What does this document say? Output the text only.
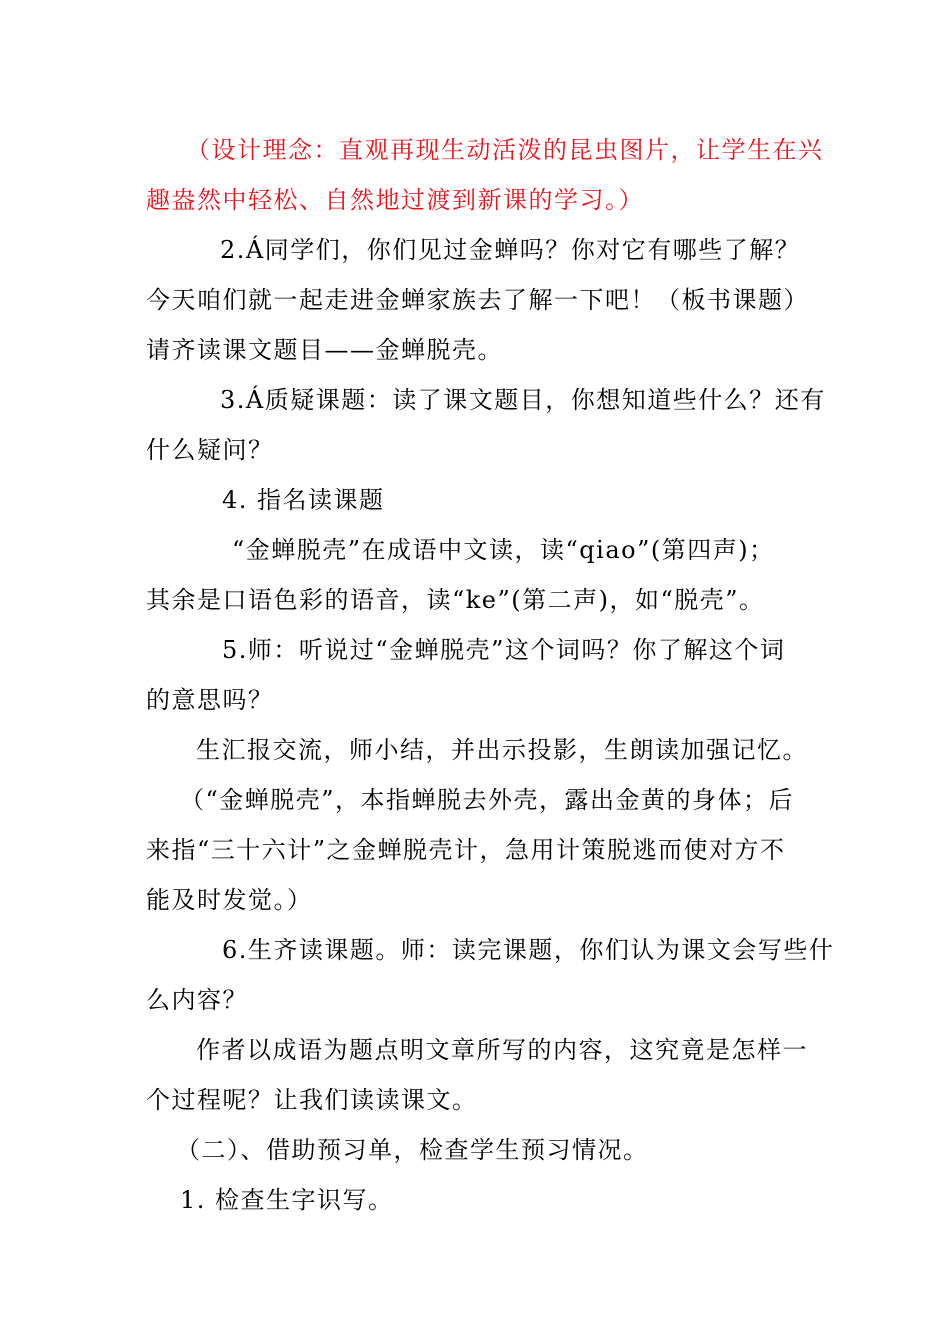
（设计理念：直观再现生动活泼的昆虫图片，让学生在兴
趣盎然中轻松、自然地过渡到新课的学习。）
2.Á同学们，你们见过金蝉吗？你对它有哪些了解？
今天咱们就一起走进金蝉家族去了解一下吧！（板书课题）
请齐读课文题目——金蝉脱壳。
3.Á质疑课题：读了课文题目，你想知道些什么？还有
什么疑问？
4. 指名读课题
“金蝉脱壳”在成语中文读，读“qiao”(第四声)；
其余是口语色彩的语音，读“ke”(第二声)，如“脱壳”。
5.师：听说过“金蝉脱壳”这个词吗？你了解这个词
的意思吗？
生汇报交流，师小结，并出示投影，生朗读加强记忆。
（“金蝉脱壳”，本指蝉脱去外壳，露出金黄的身体；后
来指“三十六计”之金蝉脱壳计，急用计策脱逃而使对方不
能及时发觉。）
6.生齐读课题。师：读完课题，你们认为课文会写些什
么内容？
作者以成语为题点明文章所写的内容，这究竟是怎样一
个过程呢？让我们读读课文。
（二）、借助预习单，检查学生预习情况。
1. 检查生字识写。
